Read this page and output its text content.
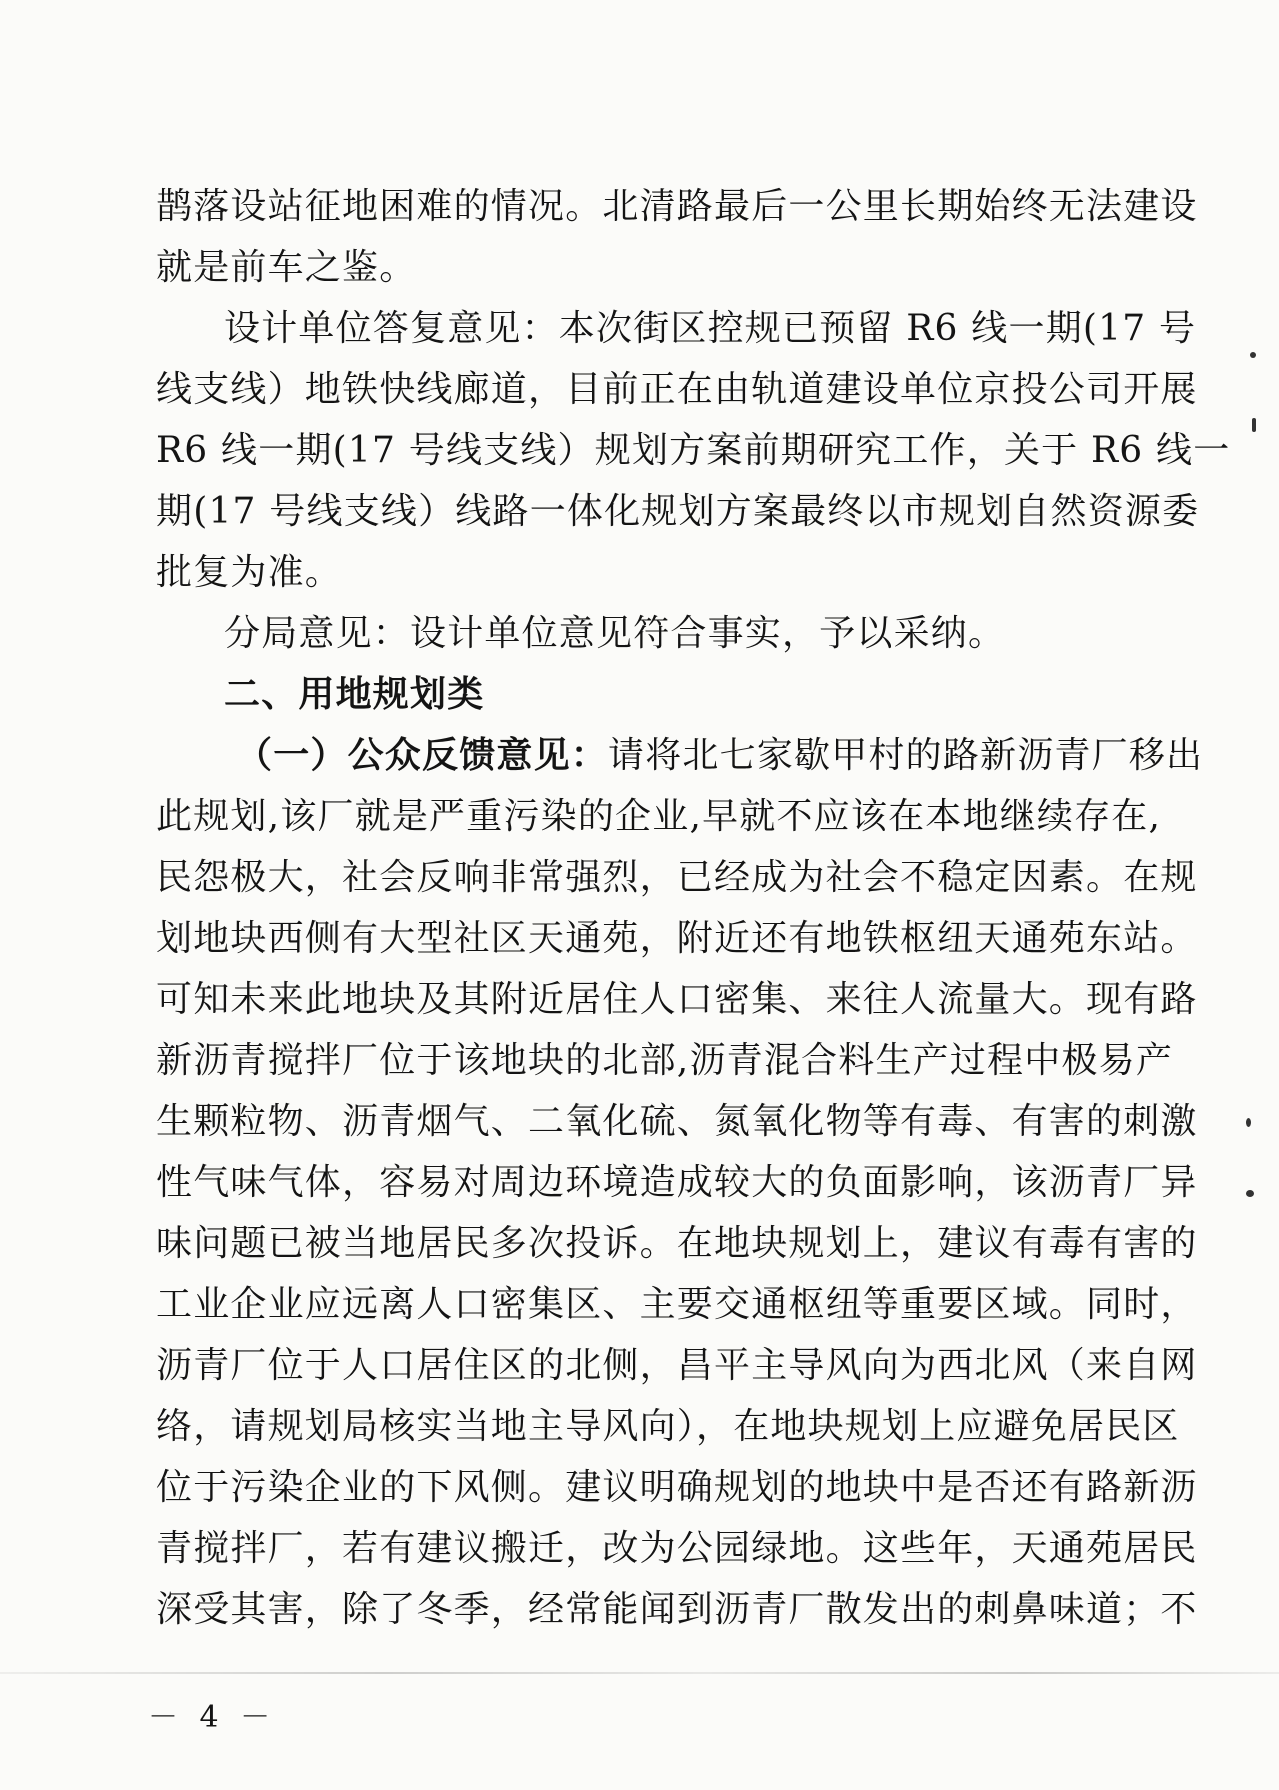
鹊落设站征地困难的情况。北清路最后一公里长期始终无法建设
就是前车之鉴。
设计单位答复意见：本次街区控规已预留 R6 线一期(17 号
线支线）地铁快线廊道，目前正在由轨道建设单位京投公司开展
R6 线一期(17 号线支线）规划方案前期研究工作，关于 R6 线一
期(17 号线支线）线路一体化规划方案最终以市规划自然资源委
批复为准。
分局意见：设计单位意见符合事实，予以采纳。
二、用地规划类
（一）公众反馈意见：请将北七家歇甲村的路新沥青厂移出
此规划,该厂就是严重污染的企业,早就不应该在本地继续存在,
民怨极大，社会反响非常强烈，已经成为社会不稳定因素。在规
划地块西侧有大型社区天通苑，附近还有地铁枢纽天通苑东站。
可知未来此地块及其附近居住人口密集、来往人流量大。现有路
新沥青搅拌厂位于该地块的北部,沥青混合料生产过程中极易产
生颗粒物、沥青烟气、二氧化硫、氮氧化物等有毒、有害的刺激
性气味气体，容易对周边环境造成较大的负面影响，该沥青厂异
味问题已被当地居民多次投诉。在地块规划上，建议有毒有害的
工业企业应远离人口密集区、主要交通枢纽等重要区域。同时，
沥青厂位于人口居住区的北侧，昌平主导风向为西北风（来自网
络，请规划局核实当地主导风向），在地块规划上应避免居民区
位于污染企业的下风侧。建议明确规划的地块中是否还有路新沥
青搅拌厂，若有建议搬迁，改为公园绿地。这些年，天通苑居民
深受其害，除了冬季，经常能闻到沥青厂散发出的刺鼻味道；不
－ 4 －
